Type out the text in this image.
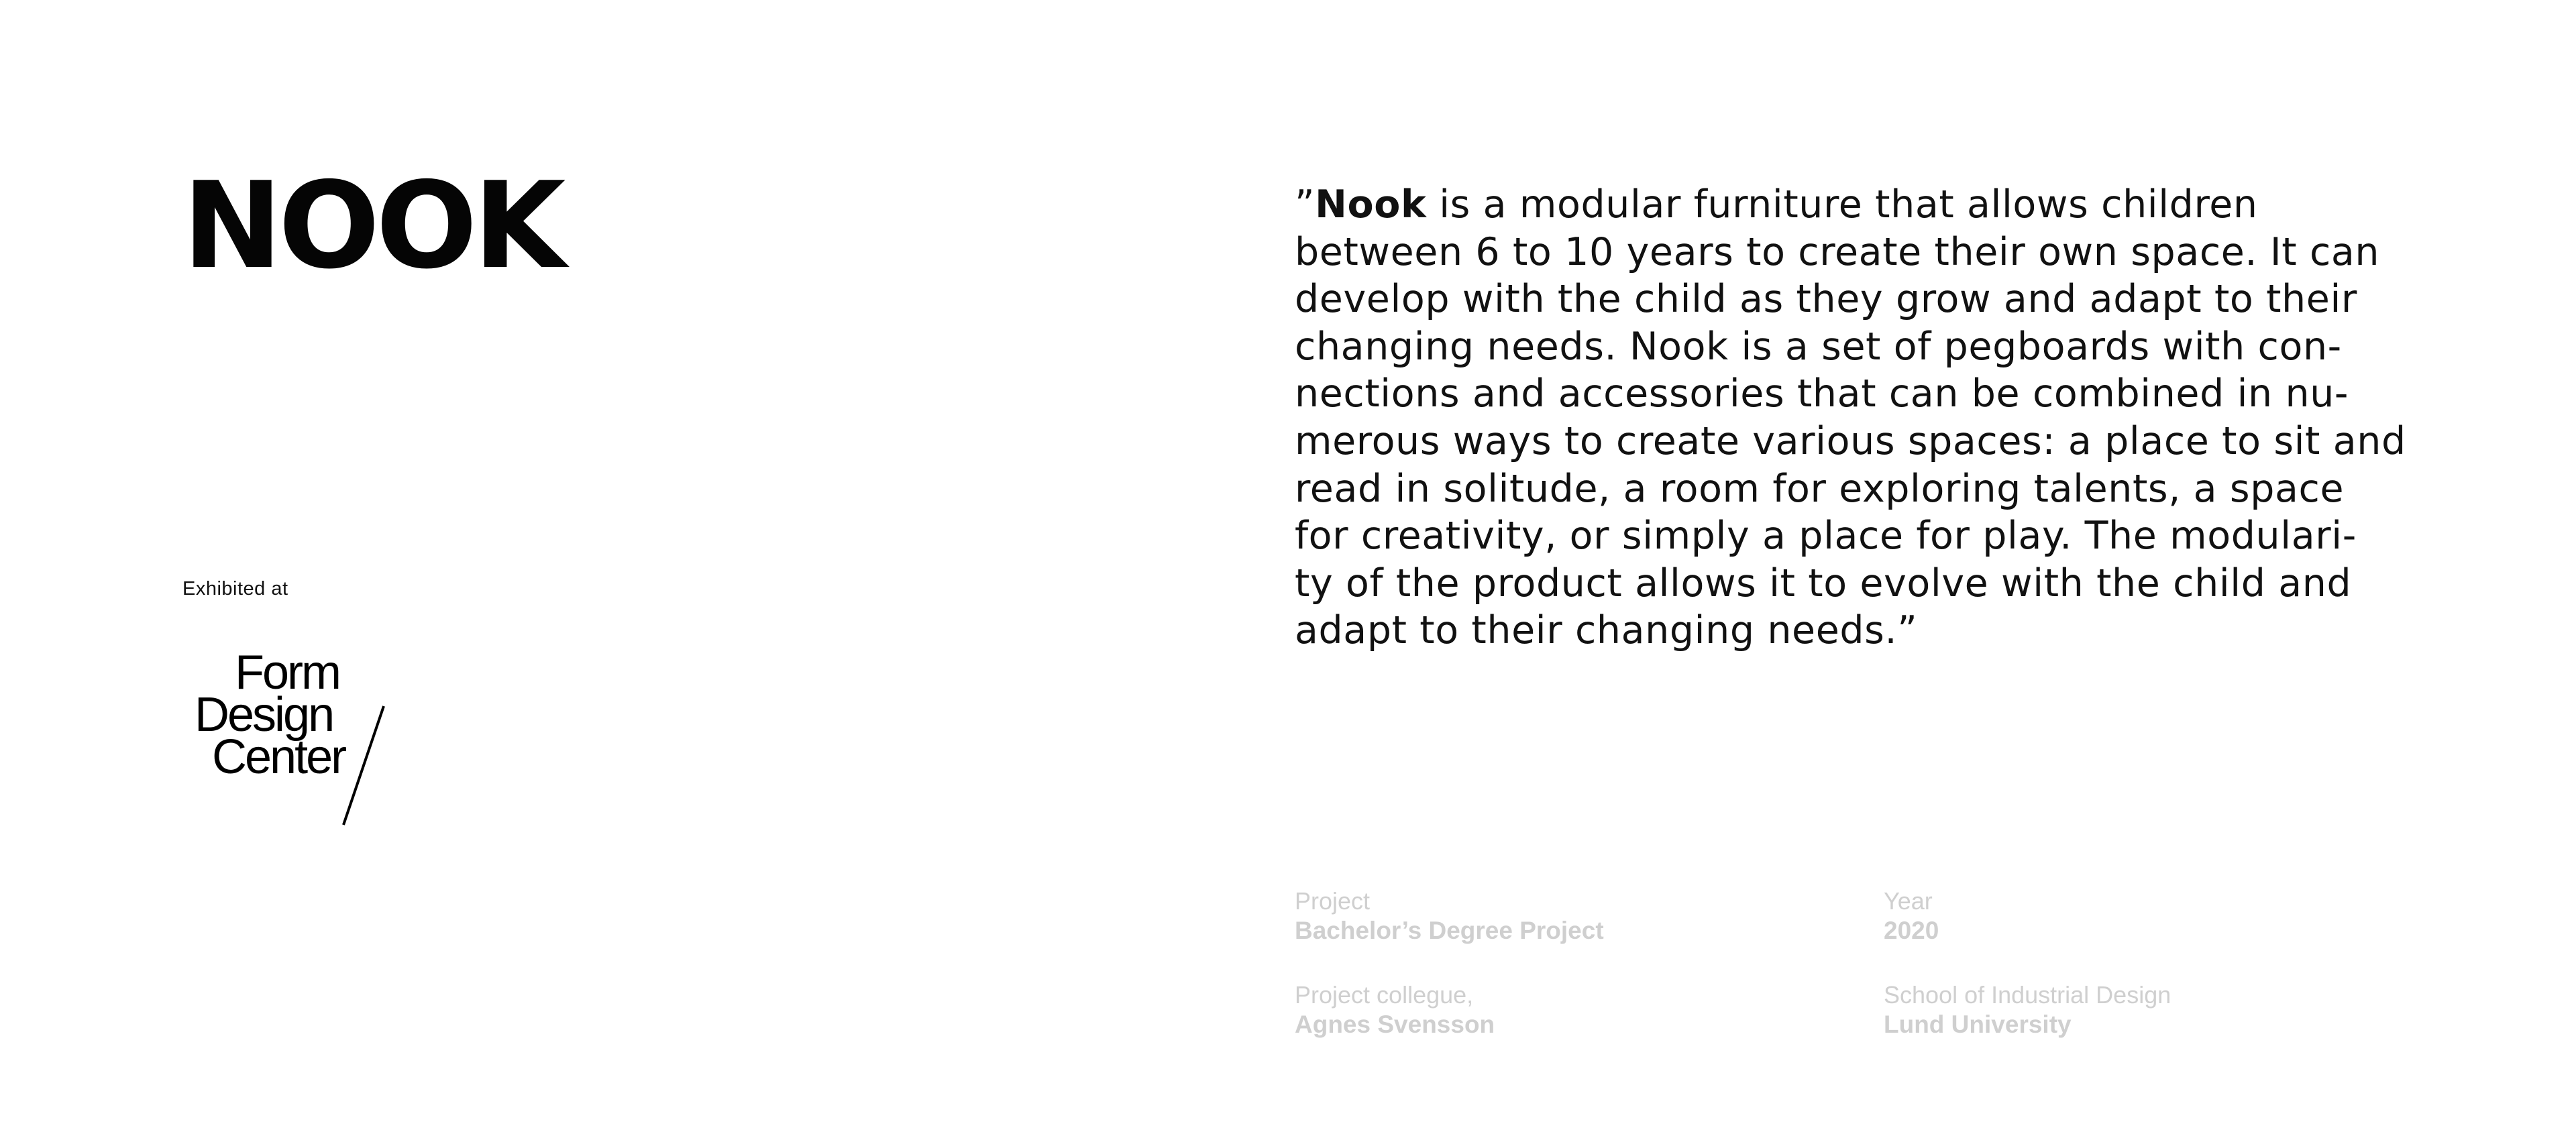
NOOK
Exhibited at
Form
Design
Center

”Nook is a modular furniture that allows children
between 6 to 10 years to create their own space. It can
develop with the child as they grow and adapt to their
changing needs. Nook is a set of pegboards with con-
nections and accessories that can be combined in nu-
merous ways to create various spaces: a place to sit and
read in solitude, a room for exploring talents, a space
for creativity, or simply a place for play. The modulari-
ty of the product allows it to evolve with the child and
adapt to their changing needs.”

Project
Bachelor’s Degree Project
Year
2020
Project collegue,
Agnes Svensson
School of Industrial Design
Lund University
